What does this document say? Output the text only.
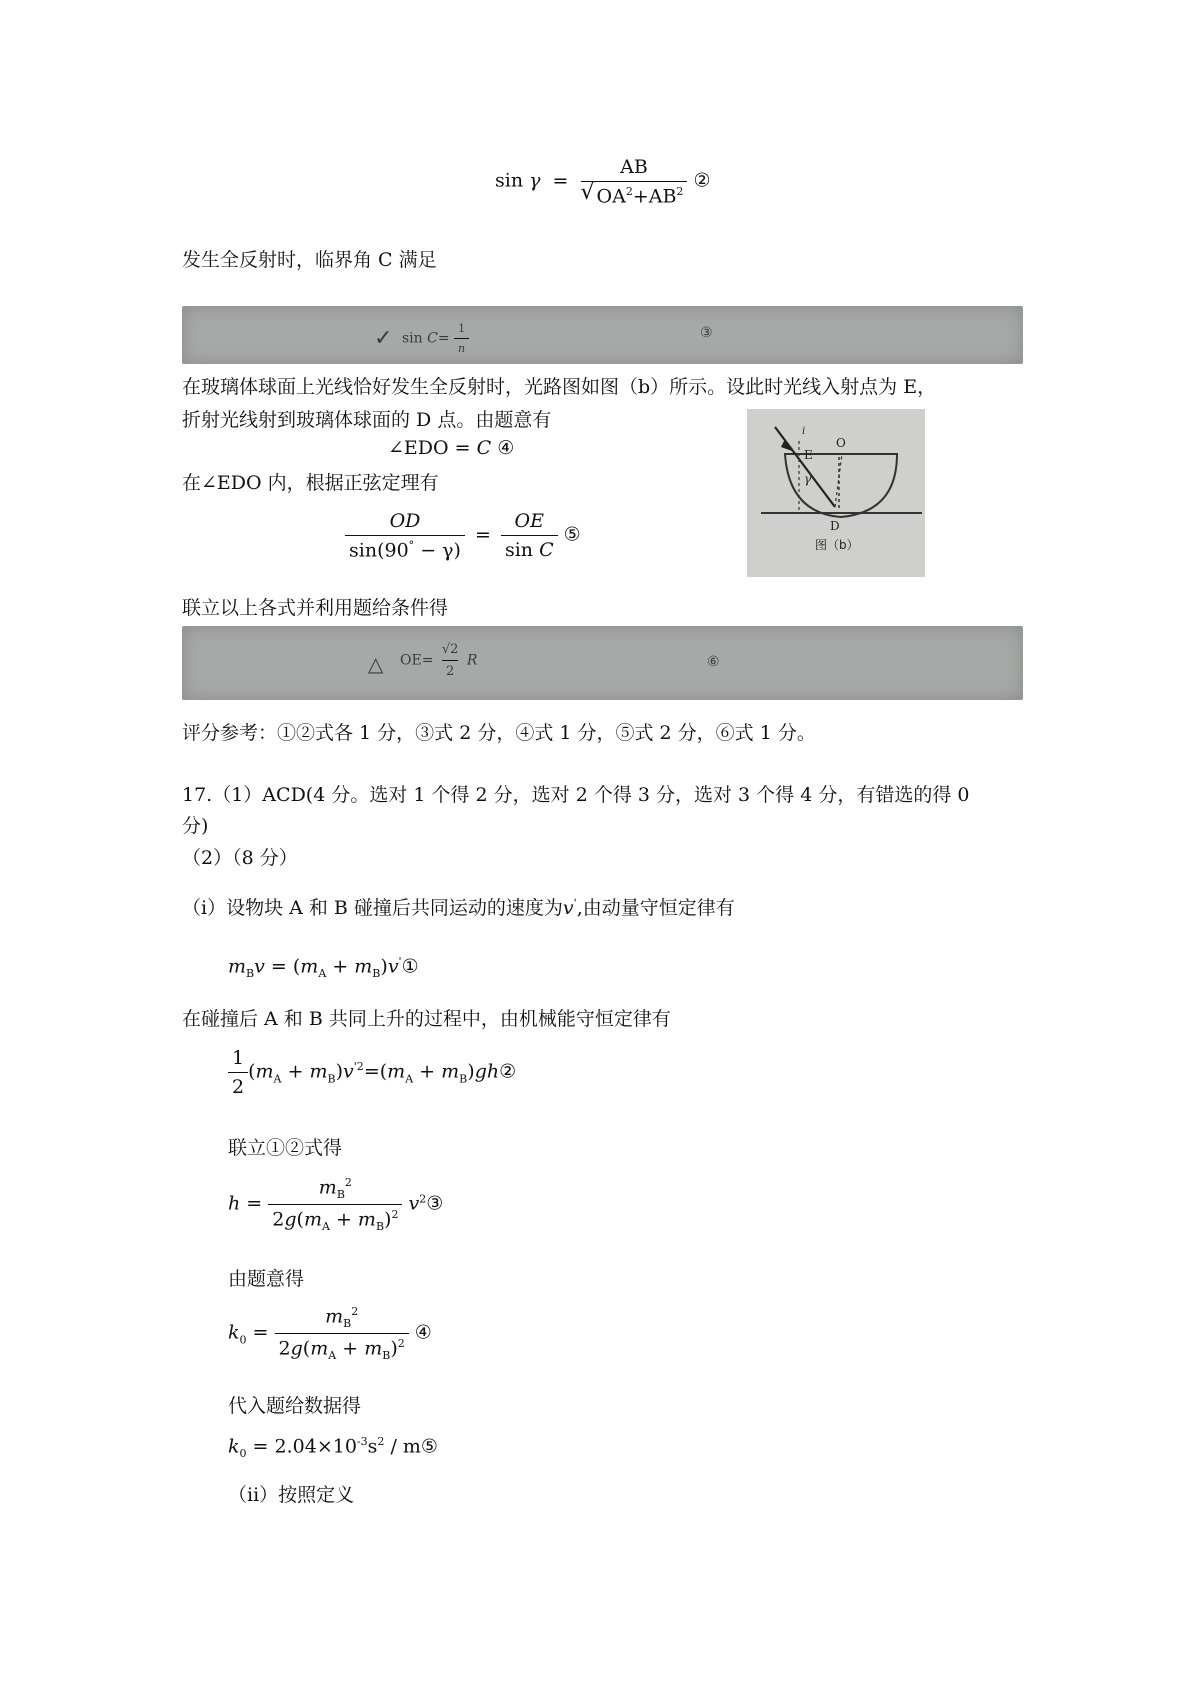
$\sin \gamma = \frac{AB}{√ OA^2+AB^2}$ ②
发生全反射时，临界角 C 满足
✓ $\sin C= \frac{1}{n}$	③
在玻璃体球面上光线恰好发生全反射时，光路图如图（b）所示。设此时光线入射点为 E，
折射光线射到玻璃体球面的 D 点。由题意有
∠EDO = C ④
在∠EDO 内，根据正弦定理有
$\frac{OD}{\sin(90^\circ - \gamma)} = \frac{OE}{\text{sin C}}$ ⑤
γ
E
O
D
i
图（b）
联立以上各式并利用题给条件得
△ $OE= \frac{√2}{2}$ R	⑥
评分参考：①②式各 1 分，③式 2 分，④式 1 分，⑤式 2 分，⑥式 1 分。
17.（1）ACD(4 分。选对 1 个得 2 分，选对 2 个得 3 分，选对 3 个得 4 分，有错选的得 0
分)
（2）（8 分）
（i）设物块 A 和 B 碰撞后共同运动的速度为v',由动量守恒定律有
$m_Bv = (m_A$ + $m_B)v'①$
在碰撞后 A 和 B 共同上升的过程中，由机械能守恒定律有
$\frac{1}{2} (m_A + m_B)v^{'2}=(m_A$ + $m_B)gh②$
联立①②式得
$h = \frac{m_B^2}{2g(m_A + m_B)^2}$ $v^2③$
由题意得
$k_0 = \frac{m_B^2}{2g(m_A + m_B)^2}$ ④
代入题给数据得
$k_0 = 2.04\times 10^{-3}s^2$ / m⑤
（ii）按照定义
